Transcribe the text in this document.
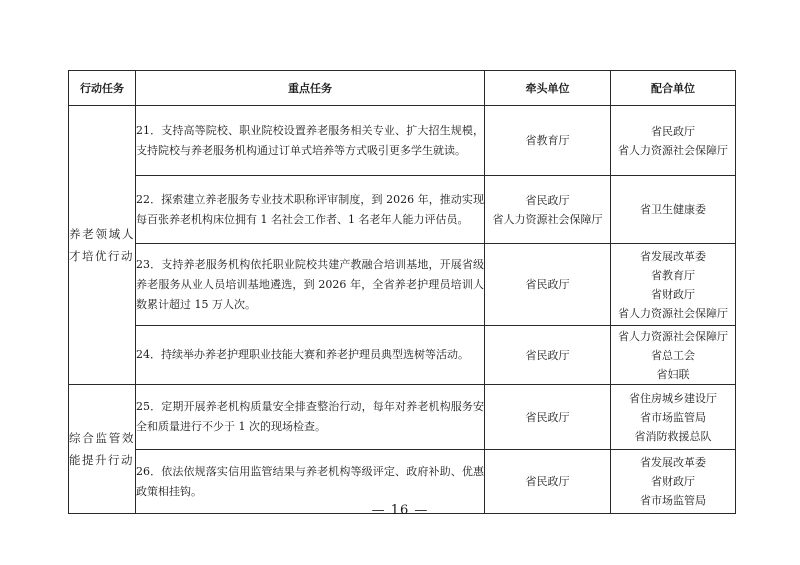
行动任务	重点任务	牵头单位	配合单位
养老领域人才培优行动	21．支持高等院校、职业院校设置养老服务相关专业、扩大招生规模，支持院校与养老服务机构通过订单式培养等方式吸引更多学生就读。	省教育厅	省民政厅
省人力资源社会保障厅

	22．探索建立养老服务专业技术职称评审制度，到 2026 年，推动实现每百张养老机构床位拥有 1 名社会工作者、1 名老年人能力评估员。	省民政厅
省人力资源社会保障厅	省卫生健康委

	23．支持养老服务机构依托职业院校共建产教融合培训基地，开展省级养老服务从业人员培训基地遴选，到 2026 年，全省养老护理员培训人数累计超过 15 万人次。	省民政厅	省发展改革委
省教育厅
省财政厅
省人力资源社会保障厅

	24．持续举办养老护理职业技能大赛和养老护理员典型选树等活动。	省民政厅	省人力资源社会保障厅
省总工会
省妇联

综合监管效能提升行动	25．定期开展养老机构质量安全排查整治行动，每年对养老机构服务安全和质量进行不少于 1 次的现场检查。	省民政厅	省住房城乡建设厅
省市场监管局
省消防救援总队

	26．依法依规落实信用监管结果与养老机构等级评定、政府补助、优惠政策相挂钩。	省民政厅	省发展改革委
省财政厅
省市场监管局
— 16 —
